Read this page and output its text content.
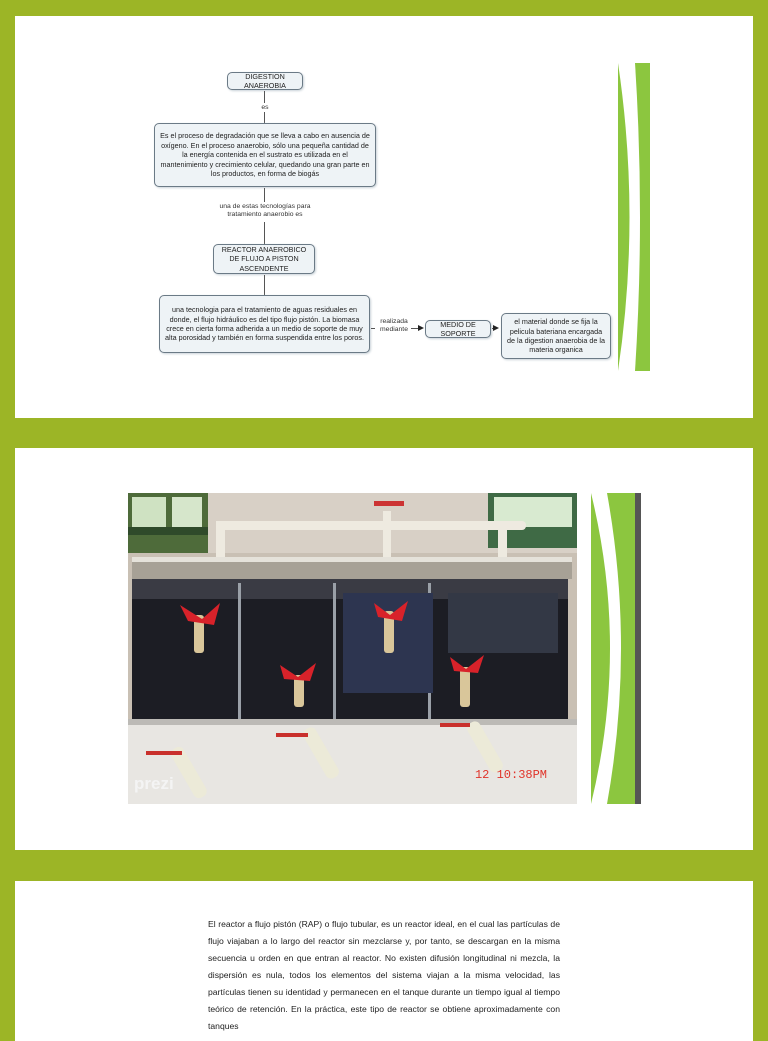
DIGESTION ANAEROBIA
es
Es el proceso de degradación que se lleva a cabo en ausencia de oxígeno. En el proceso anaerobio, sólo una pequeña cantidad de la energía contenida en el sustrato es utilizada en el mantenimiento y crecimiento celular, quedando una gran parte en los productos, en forma de biogás
una de estas tecnologías para tratamiento anaerobio es
REACTOR ANAEROBICO DE FLUJO A PISTON ASCENDENTE
una tecnologia para el tratamiento de aguas residuales en donde, el flujo hidráulico es del tipo flujo pistón. La biomasa crece en cierta forma adherida a un medio de soporte de muy alta porosidad y también en forma suspendida entre los poros.
realizada mediante
MEDIO DE SOPORTE
el material donde se fija la pelicula bateriana encargada de la digestion anaerobia de la materia organica
prezi	12 10:38PM
El reactor a flujo pistón (RAP) o flujo tubular, es un reactor ideal, en el cual las partículas de flujo viajaban a lo largo del reactor sin mezclarse y, por tanto, se descargan en la misma secuencia u orden en que entran al reactor. No existen difusión longitudinal ni mezcla, la dispersión es nula, todos los elementos del sistema viajan a la misma velocidad, las partículas tienen su identidad y permanecen en el tanque durante un tiempo igual al tiempo teórico de retención. En la práctica, este tipo de reactor se obtiene aproximadamente con tanques
